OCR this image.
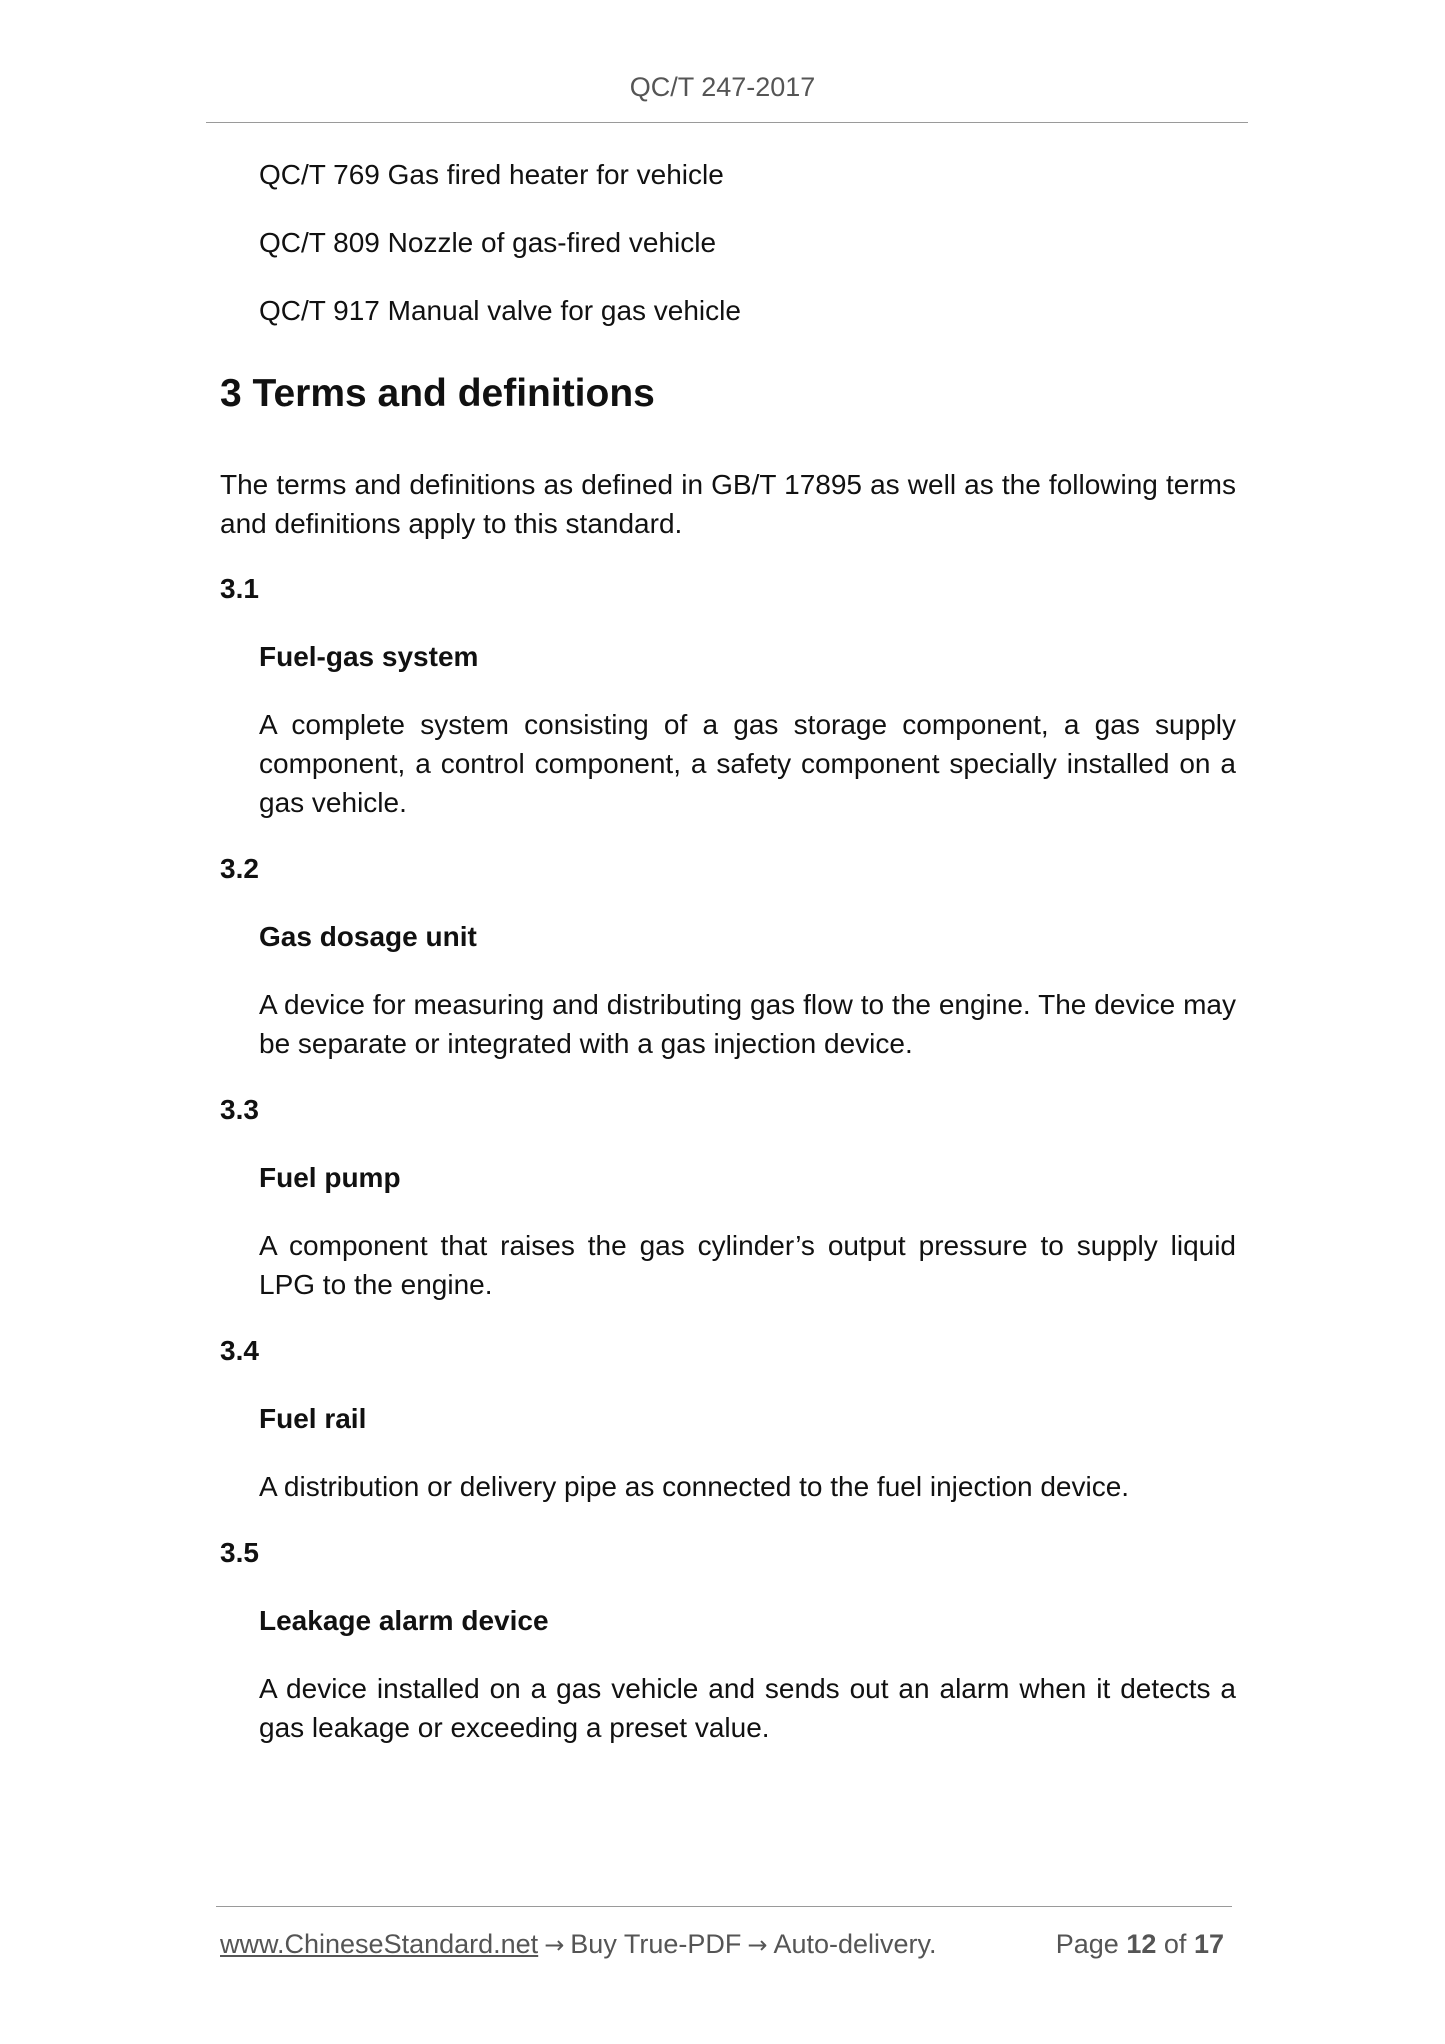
QC/T 247-2017
QC/T 769 Gas fired heater for vehicle
QC/T 809 Nozzle of gas-fired vehicle
QC/T 917 Manual valve for gas vehicle
3 Terms and definitions
The terms and definitions as defined in GB/T 17895 as well as the following terms and definitions apply to this standard.
3.1
Fuel-gas system
A complete system consisting of a gas storage component, a gas supply component, a control component, a safety component specially installed on a gas vehicle.
3.2
Gas dosage unit
A device for measuring and distributing gas flow to the engine. The device may be separate or integrated with a gas injection device.
3.3
Fuel pump
A component that raises the gas cylinder’s output pressure to supply liquid LPG to the engine.
3.4
Fuel rail
A distribution or delivery pipe as connected to the fuel injection device.
3.5
Leakage alarm device
A device installed on a gas vehicle and sends out an alarm when it detects a gas leakage or exceeding a preset value.
www.ChineseStandard.net → Buy True-PDF → Auto-delivery.	Page 12 of 17
